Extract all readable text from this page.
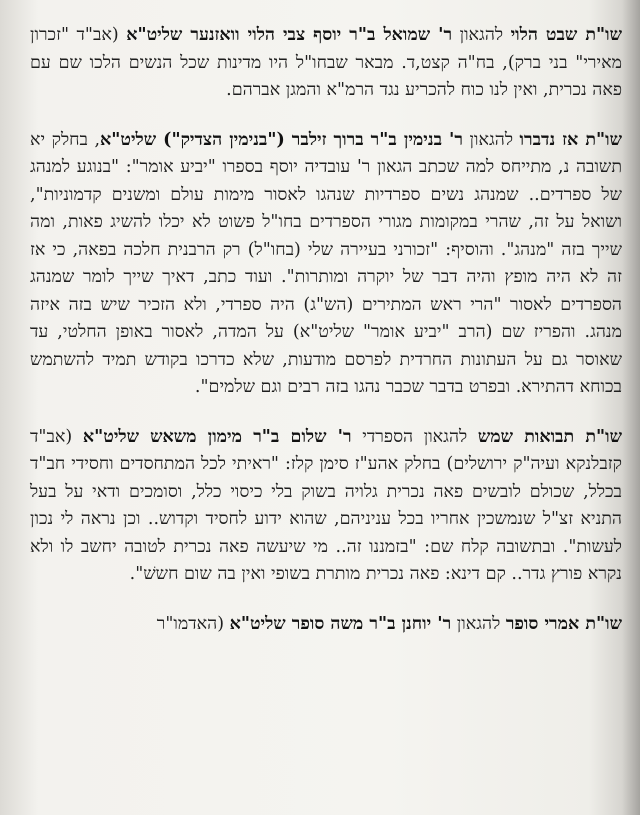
שו"ת שבט הלוי להגאון ר' שמואל ב"ר יוסף צבי הלוי וואזנער שליט"א (אב"ד "זכרון מאירי" בני ברק), בח"ה קצט,ד. מבאר שבחו"ל היו מדינות שכל הנשים הלכו שם עם פאה נכרית, ואין לנו כוח להכריע נגד הרמ"א והמגן אברהם.

שו"ת אז נדברו להגאון ר' בנימין ב"ר ברוך זילבר ("בנימין הצדיק") שליט"א, בחלק יא תשובה נ, מתייחס למה שכתב הגאון ר' עובדיה יוסף בספרו "יביע אומר": "בנוגע למנהג של ספרדים.. שמנהג נשים ספרדיות שנהגו לאסור מימות עולם ומשנים קדמוניות", ושואל על זה, שהרי במקומות מגורי הספרדים בחו"ל פשוט לא יכלו להשיג פאות, ומה שייך בזה "מנהג". והוסיף: "זכורני בעיירה שלי (בחו"ל) רק הרבנית חלכה בפאה, כי אז זה לא היה מופץ והיה דבר של יוקרה ומותרות". ועוד כתב, דאיך שייך לומר שמנהג הספרדים לאסור "הרי ראש המתירים (הש"ג) היה ספרדי, ולא הזכיר שיש בזה איזה מנהג. והפריז שם (הרב "יביע אומר" שליט"א) על המדה, לאסור באופן החלטי, עד שאוסר גם על העתונות החרדית לפרסם מודעות, שלא כדרכו בקודש תמיד להשתמש בכוחא דהתירא. ובפרט בדבר שכבר נהגו בזה רבים וגם שלמים".

שו"ת תבואות שמש להגאון הספרדי ר' שלום ב"ר מימון משאש שליט"א (אב"ד קזבלנקא ועיה"ק ירושלים) בחלק אהע"ז סימן קלז: "ראיתי לכל המתחסדים וחסידי חב"ד בכלל, שכולם לובשים פאה נכרית גלויה בשוק בלי כיסוי כלל, וסומכים ודאי על בעל התניא זצ"ל שנמשכין אחריו בכל עניניהם, שהוא ידוע לחסיד וקדוש.. וכן נראה לי נכון לעשות". ובתשובה קלח שם: "בזמננו זה.. מי שיעשה פאה נכרית לטובה יחשב לו ולא נקרא פורץ גדר.. קם דינא: פאה נכרית מותרת בשופי ואין בה שום חששׁ".

שו"ת אמרי סופר להגאון ר' יוחנן ב"ר משה סופר שליט"א (האדמו"ר
